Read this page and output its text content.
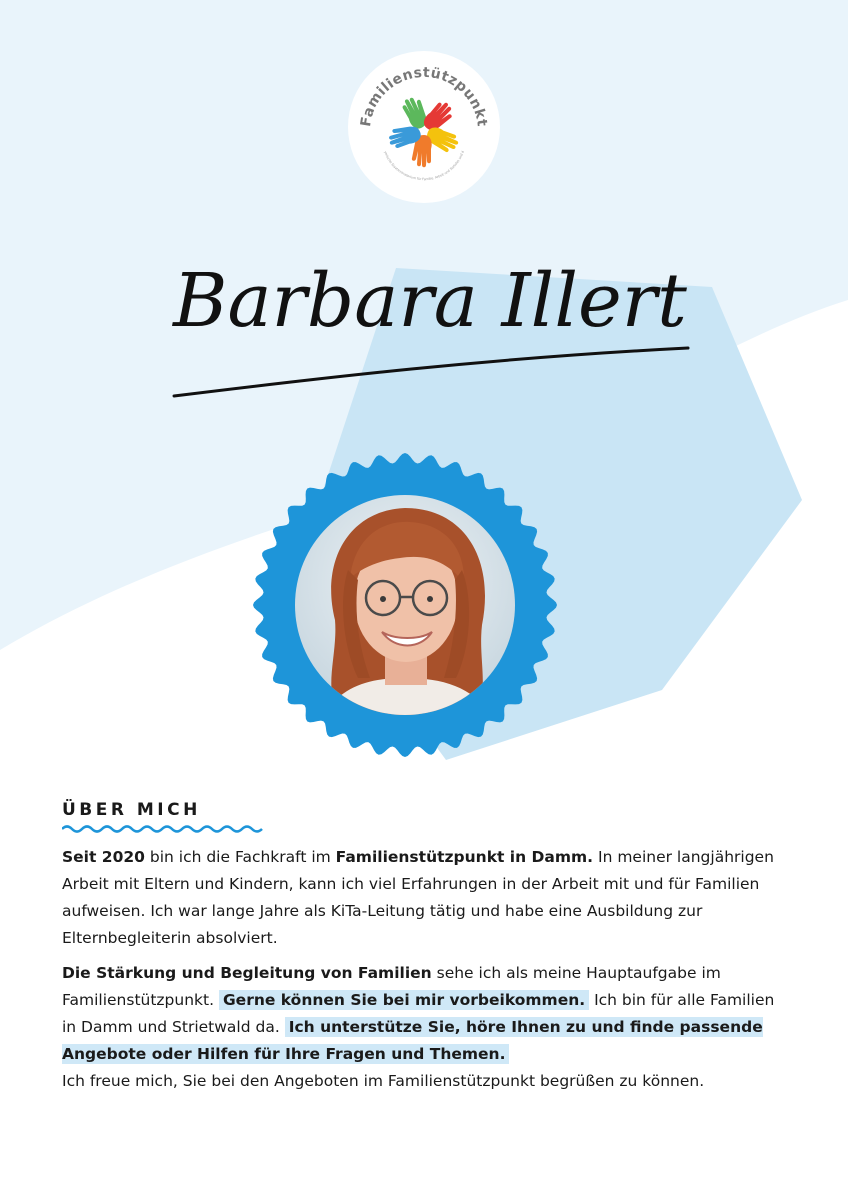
Familienstützpunkt
yerische Staatsministerium für Familie, Arbeit und Soziales und d
Barbara Illert
ÜBER MICH

Seit 2020 bin ich die Fachkraft im Familienstützpunkt in Damm. In meiner langjährigen Arbeit mit Eltern und Kindern, kann ich viel Erfahrungen in der Arbeit mit und für Familien aufweisen. Ich war lange Jahre als KiTa-Leitung tätig und habe eine Ausbildung zur Elternbegleiterin absolviert.

Die Stärkung und Begleitung von Familien sehe ich als meine Hauptaufgabe im Familienstützpunkt. Gerne können Sie bei mir vorbeikommen. Ich bin für alle Familien in Damm und Strietwald da. Ich unterstütze Sie, höre Ihnen zu und finde passende Angebote oder Hilfen für Ihre Fragen und Themen.
Ich freue mich, Sie bei den Angeboten im Familienstützpunkt begrüßen zu können.
